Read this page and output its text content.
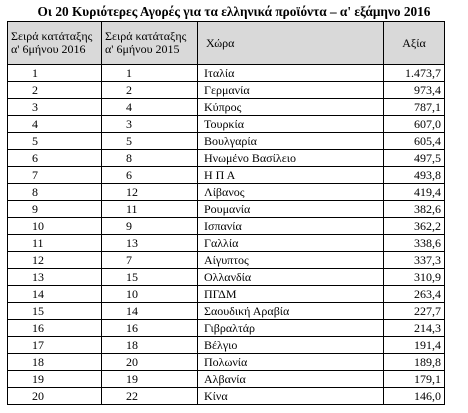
Οι 20 Κυριότερες Αγορές για τα ελληνικά προϊόντα – α' εξάμηνο 2016
Σειρά κατάταξης α' 6μήνου 2016	Σειρά κατάταξης α' 6μήνου 2015	Χώρα	Αξία
1	1	Ιταλία	1.473,7
2	2	Γερμανία	973,4
3	4	Κύπρος	787,1
4	3	Τουρκία	607,0
5	5	Βουλγαρία	605,4
6	8	Ηνωμένο Βασίλειο	497,5
7	6	Η Π Α	493,8
8	12	Λίβανος	419,4
9	11	Ρουμανία	382,6
10	9	Ισπανία	362,2
11	13	Γαλλία	338,6
12	7	Αίγυπτος	337,3
13	15	Ολλανδία	310,9
14	10	ΠΓΔΜ	263,4
15	14	Σαουδική Αραβία	227,7
16	16	Γιβραλτάρ	214,3
17	18	Βέλγιο	191,4
18	20	Πολωνία	189,8
19	19	Αλβανία	179,1
20	22	Κίνα	146,0
